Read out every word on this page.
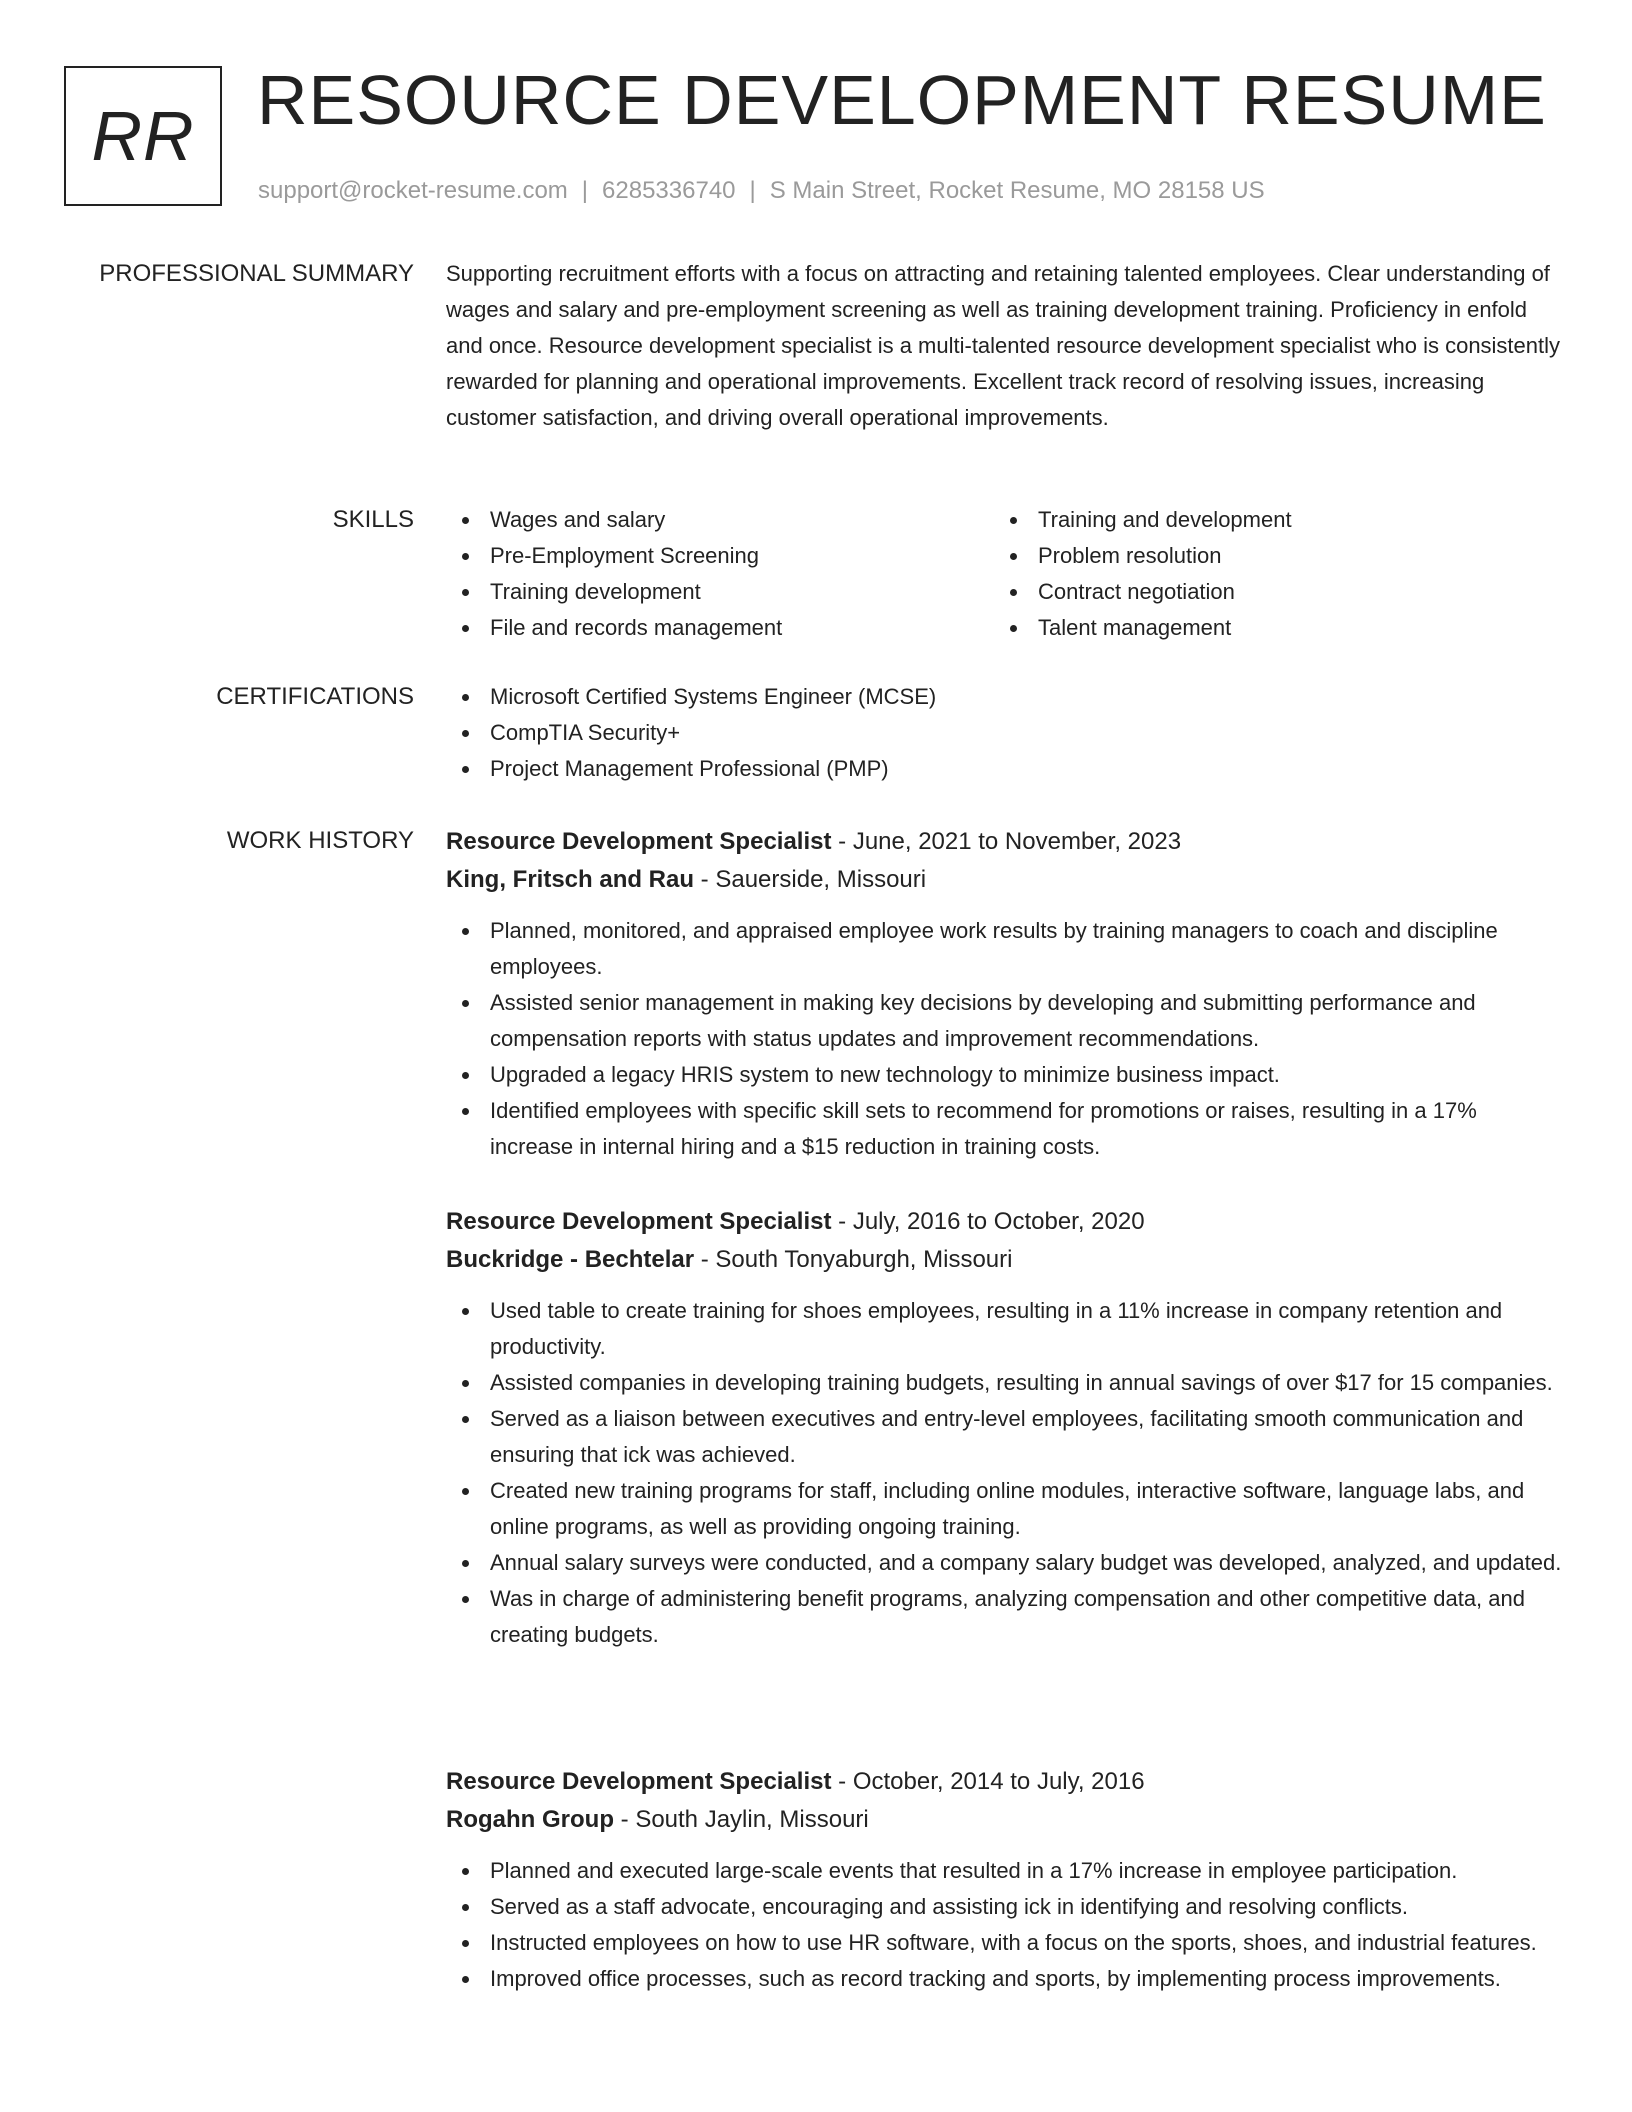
RR RESOURCE DEVELOPMENT RESUME
support@rocket-resume.com | 6285336740 | S Main Street, Rocket Resume, MO 28158 US
PROFESSIONAL SUMMARY Supporting recruitment efforts with a focus on attracting and retaining talented employees. Clear understanding of wages and salary and pre-employment screening as well as training development training. Proficiency in enfold and once. Resource development specialist is a multi-talented resource development specialist who is consistently rewarded for planning and operational improvements. Excellent track record of resolving issues, increasing customer satisfaction, and driving overall operational improvements.

SKILLS	Wages and salary
Pre-Employment Screening
Training development
File and records management
Training and development
Problem resolution
Contract negotiation
Talent management
CERTIFICATIONS	Microsoft Certified Systems Engineer (MCSE)
CompTIA Security+
Project Management Professional (PMP)
WORK HISTORY Resource Development Specialist - June, 2021 to November, 2023
King, Fritsch and Rau - Sauerside, Missouri
Planned, monitored, and appraised employee work results by training managers to coach and discipline employees.
Assisted senior management in making key decisions by developing and submitting performance and compensation reports with status updates and improvement recommendations.
Upgraded a legacy HRIS system to new technology to minimize business impact.
Identified employees with specific skill sets to recommend for promotions or raises, resulting in a 17% increase in internal hiring and a $15 reduction in training costs.
Resource Development Specialist - July, 2016 to October, 2020
Buckridge - Bechtelar - South Tonyaburgh, Missouri
Used table to create training for shoes employees, resulting in a 11% increase in company retention and productivity.
Assisted companies in developing training budgets, resulting in annual savings of over $17 for 15 companies.
Served as a liaison between executives and entry-level employees, facilitating smooth communication and ensuring that ick was achieved.
Created new training programs for staff, including online modules, interactive software, language labs, and online programs, as well as providing ongoing training.
Annual salary surveys were conducted, and a company salary budget was developed, analyzed, and updated.
Was in charge of administering benefit programs, analyzing compensation and other competitive data, and creating budgets.
Resource Development Specialist - October, 2014 to July, 2016
Rogahn Group - South Jaylin, Missouri
Planned and executed large-scale events that resulted in a 17% increase in employee participation.
Served as a staff advocate, encouraging and assisting ick in identifying and resolving conflicts.
Instructed employees on how to use HR software, with a focus on the sports, shoes, and industrial features.
Improved office processes, such as record tracking and sports, by implementing process improvements.
